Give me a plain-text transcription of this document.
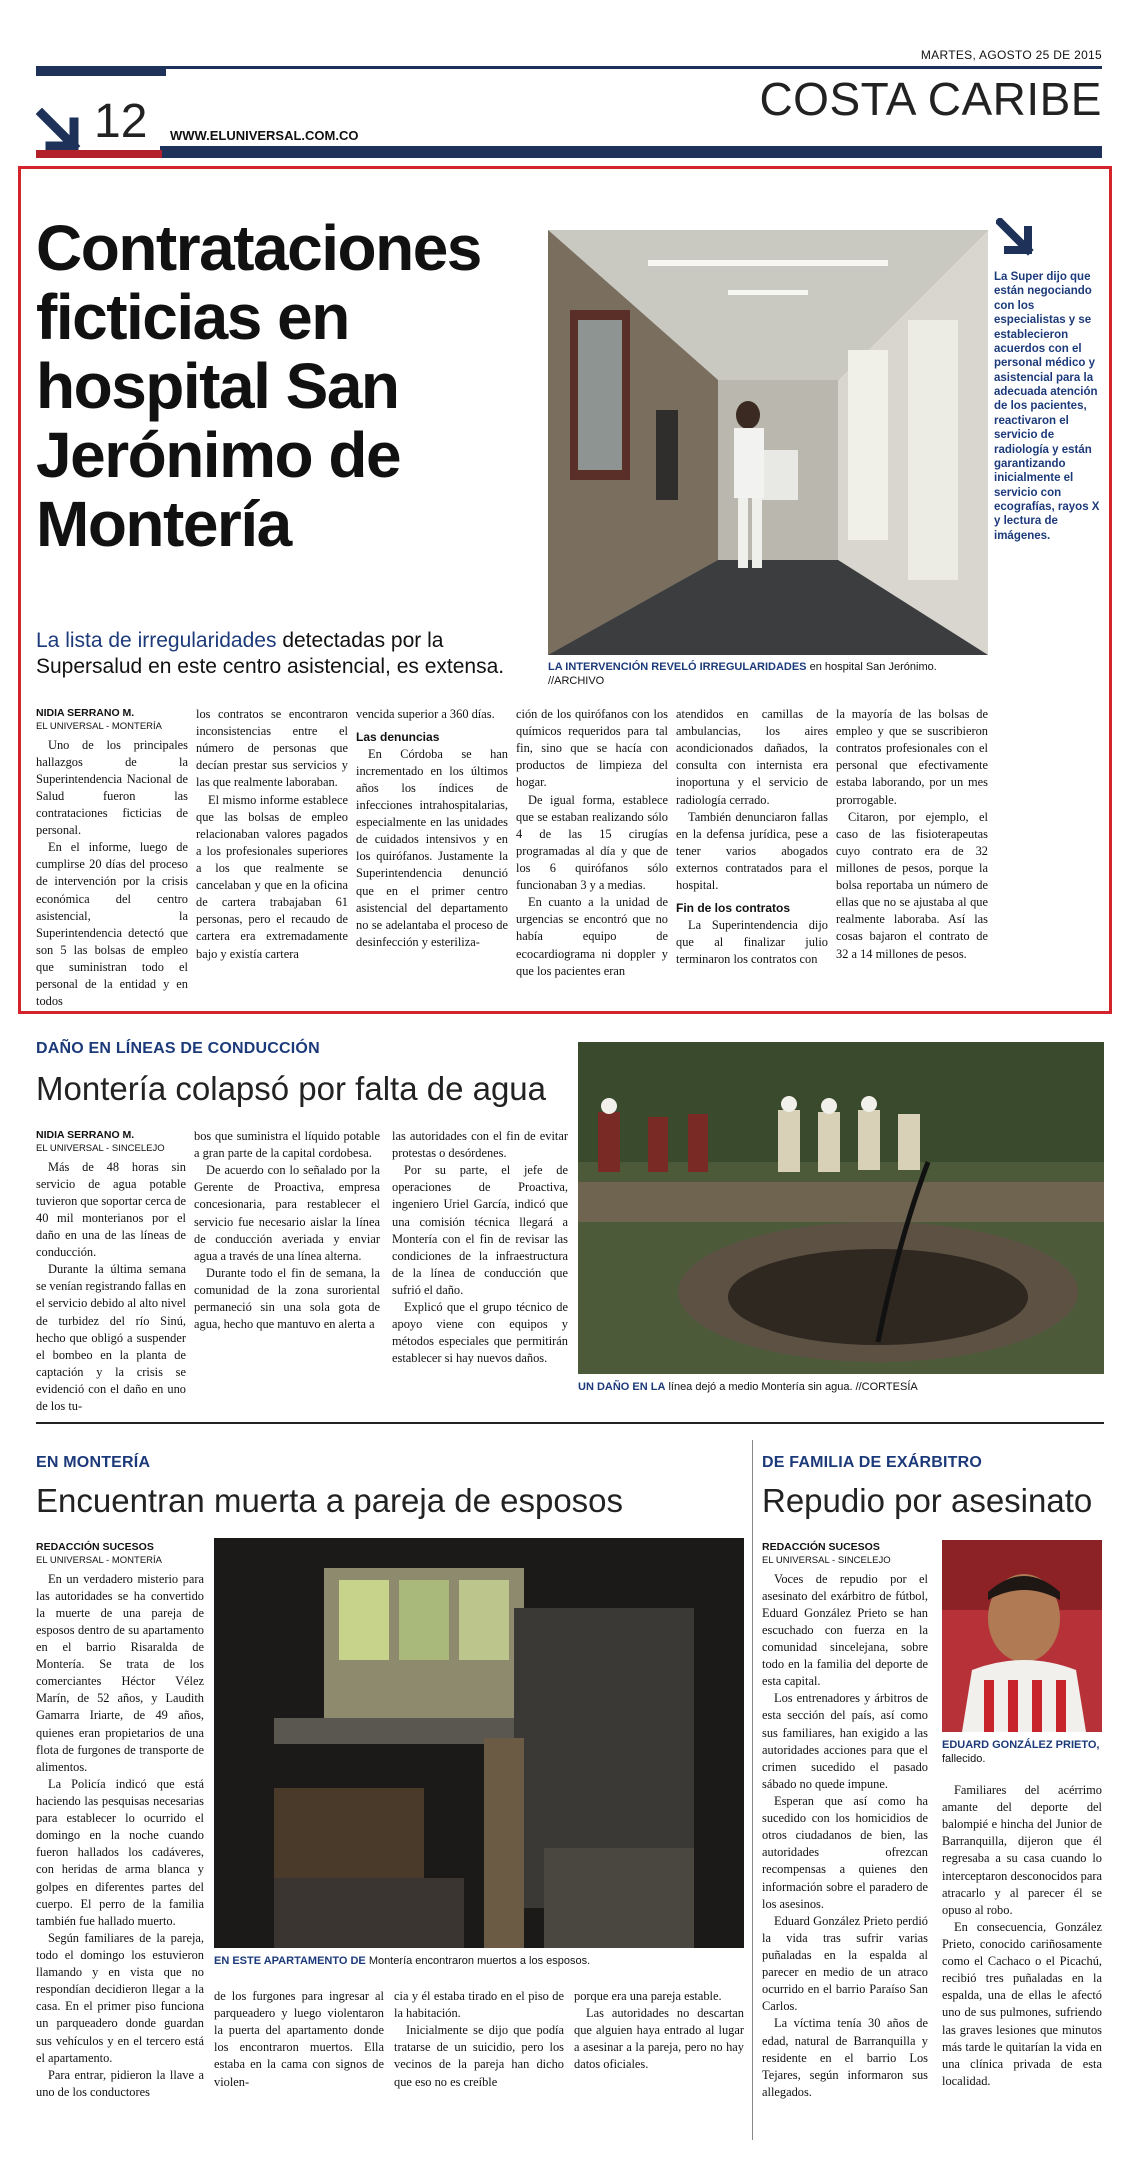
MARTES, AGOSTO 25 DE 2015
COSTA CARIBE
12 WWW.ELUNIVERSAL.COM.CO
Contrataciones ficticias en hospital San Jerónimo de Montería
La lista de irregularidades detectadas por la Supersalud en este centro asistencial, es extensa.	LA INTERVENCIÓN REVELÓ IRREGULARIDADES en hospital San Jerónimo. //ARCHIVO
La Super dijo que están negociando con los especialistas y se establecieron acuerdos con el personal médico y asistencial para la adecuada atención de los pacientes, reactivaron el servicio de radiología y están garantizando inicialmente el servicio con ecografías, rayos X y lectura de imágenes.

NIDIA SERRANO M.

EL UNIVERSAL - MONTERÍA

Uno de los principales hallazgos de la Superintendencia Nacional de Salud fueron las contrataciones ficticias de personal.

En el informe, luego de cumplirse 20 días del proceso de intervención por la crisis económica del centro asistencial, la Superintendencia detectó que son 5 las bolsas de empleo que suministran todo el personal de la entidad y en todos

los contratos se encontraron inconsistencias entre el número de personas que decían prestar sus servicios y las que realmente laboraban.

El mismo informe establece que las bolsas de empleo relacionaban valores pagados a los profesionales superiores a los que realmente se cancelaban y que en la oficina de cartera trabajaban 61 personas, pero el recaudo de cartera era extremadamente bajo y existía cartera

vencida superior a 360 días.

Las denuncias

En Córdoba se han incrementado en los últimos años los índices de infecciones intrahospitalarias, especialmente en las unidades de cuidados intensivos y en los quirófanos. Justamente la Superintendencia denunció que en el primer centro asistencial del departamento no se adelantaba el proceso de desinfección y esteriliza-

ción de los quirófanos con los químicos requeridos para tal fin, sino que se hacía con productos de limpieza del hogar.

De igual forma, establece que se estaban realizando sólo 4 de las 15 cirugías programadas al día y que de los 6 quirófanos sólo funcionaban 3 y a medias.

En cuanto a la unidad de urgencias se encontró que no había equipo de ecocardiograma ni doppler y que los pacientes eran

atendidos en camillas de ambulancias, los aires acondicionados dañados, la consulta con internista era inoportuna y el servicio de radiología cerrado.

También denunciaron fallas en la defensa jurídica, pese a tener varios abogados externos contratados para el hospital.

Fin de los contratos

La Superintendencia dijo que al finalizar julio terminaron los contratos con

la mayoría de las bolsas de empleo y que se suscribieron contratos profesionales con el personal que efectivamente estaba laborando, por un mes prorrogable.

Citaron, por ejemplo, el caso de las fisioterapeutas cuyo contrato era de 32 millones de pesos, porque la bolsa reportaba un número de ellas que no se ajustaba al que realmente laboraba. Así las cosas bajaron el contrato de 32 a 14 millones de pesos.

DAÑO EN LÍNEAS DE CONDUCCIÓN
Montería colapsó por falta de agua

NIDIA SERRANO M.

EL UNIVERSAL - SINCELEJO

Más de 48 horas sin servicio de agua potable tuvieron que soportar cerca de 40 mil monterianos por el daño en una de las líneas de conducción.

Durante la última semana se venían registrando fallas en el servicio debido al alto nivel de turbidez del río Sinú, hecho que obligó a suspender el bombeo en la planta de captación y la crisis se evidenció con el daño en uno de los tu-

bos que suministra el líquido potable a gran parte de la capital cordobesa.

De acuerdo con lo señalado por la Gerente de Proactiva, empresa concesionaria, para restablecer el servicio fue necesario aislar la línea de conducción averiada y enviar agua a través de una línea alterna.

Durante todo el fin de semana, la comunidad de la zona suroriental permaneció sin una sola gota de agua, hecho que mantuvo en alerta a

las autoridades con el fin de evitar protestas o desórdenes.

Por su parte, el jefe de operaciones de Proactiva, ingeniero Uriel García, indicó que una comisión técnica llegará a Montería con el fin de revisar las condiciones de la infraestructura de la línea de conducción que sufrió el daño.

Explicó que el grupo técnico de apoyo viene con equipos y métodos especiales que permitirán establecer si hay nuevos daños.

UN DAÑO EN LA línea dejó a medio Montería sin agua. //CORTESÍA
EN MONTERÍA
Encuentran muerta a pareja de esposos

REDACCIÓN SUCESOS

EL UNIVERSAL - MONTERÍA

En un verdadero misterio para las autoridades se ha convertido la muerte de una pareja de esposos dentro de su apartamento en el barrio Risaralda de Montería. Se trata de los comerciantes Héctor Vélez Marín, de 52 años, y Laudith Gamarra Iriarte, de 49 años, quienes eran propietarios de una flota de furgones de transporte de alimentos.

La Policía indicó que está haciendo las pesquisas necesarias para establecer lo ocurrido el domingo en la noche cuando fueron hallados los cadáveres, con heridas de arma blanca y golpes en diferentes partes del cuerpo. El perro de la familia también fue hallado muerto.

Según familiares de la pareja, todo el domingo los estuvieron llamando y en vista que no respondían decidieron llegar a la casa. En el primer piso funciona un parqueadero donde guardan sus vehículos y en el tercero está el apartamento.

Para entrar, pidieron la llave a uno de los conductores

EN ESTE APARTAMENTO DE Montería encontraron muertos a los esposos.

de los furgones para ingresar al parqueadero y luego violentaron la puerta del apartamento donde los encontraron muertos. Ella estaba en la cama con signos de violen-

cia y él estaba tirado en el piso de la habitación.

Inicialmente se dijo que podía tratarse de un suicidio, pero los vecinos de la pareja han dicho que eso no es creíble

porque era una pareja estable.

Las autoridades no descartan que alguien haya entrado al lugar a asesinar a la pareja, pero no hay datos oficiales.

DE FAMILIA DE EXÁRBITRO
Repudio por asesinato

REDACCIÓN SUCESOS

EL UNIVERSAL - SINCELEJO

Voces de repudio por el asesinato del exárbitro de fútbol, Eduard González Prieto se han escuchado con fuerza en la comunidad sincelejana, sobre todo en la familia del deporte de esta capital.

Los entrenadores y árbitros de esta sección del país, así como sus familiares, han exigido a las autoridades acciones para que el crimen sucedido el pasado sábado no quede impune.

Esperan que así como ha sucedido con los homicidios de otros ciudadanos de bien, las autoridades ofrezcan recompensas a quienes den información sobre el paradero de los asesinos.

Eduard González Prieto perdió la vida tras sufrir varias puñaladas en la espalda al parecer en medio de un atraco ocurrido en el barrio Paraíso San Carlos.

La víctima tenía 30 años de edad, natural de Barranquilla y residente en el barrio Los Tejares, según informaron sus allegados.

EDUARD GONZÁLEZ PRIETO, fallecido.

Familiares del acérrimo amante del deporte del balompié e hincha del Junior de Barranquilla, dijeron que él regresaba a su casa cuando lo interceptaron desconocidos para atracarlo y al parecer él se opuso al robo.

En consecuencia, González Prieto, conocido cariñosamente como el Cachaco o el Picachú, recibió tres puñaladas en la espalda, una de ellas le afectó uno de sus pulmones, sufriendo las graves lesiones que minutos más tarde le quitarían la vida en una clínica privada de esta localidad.
